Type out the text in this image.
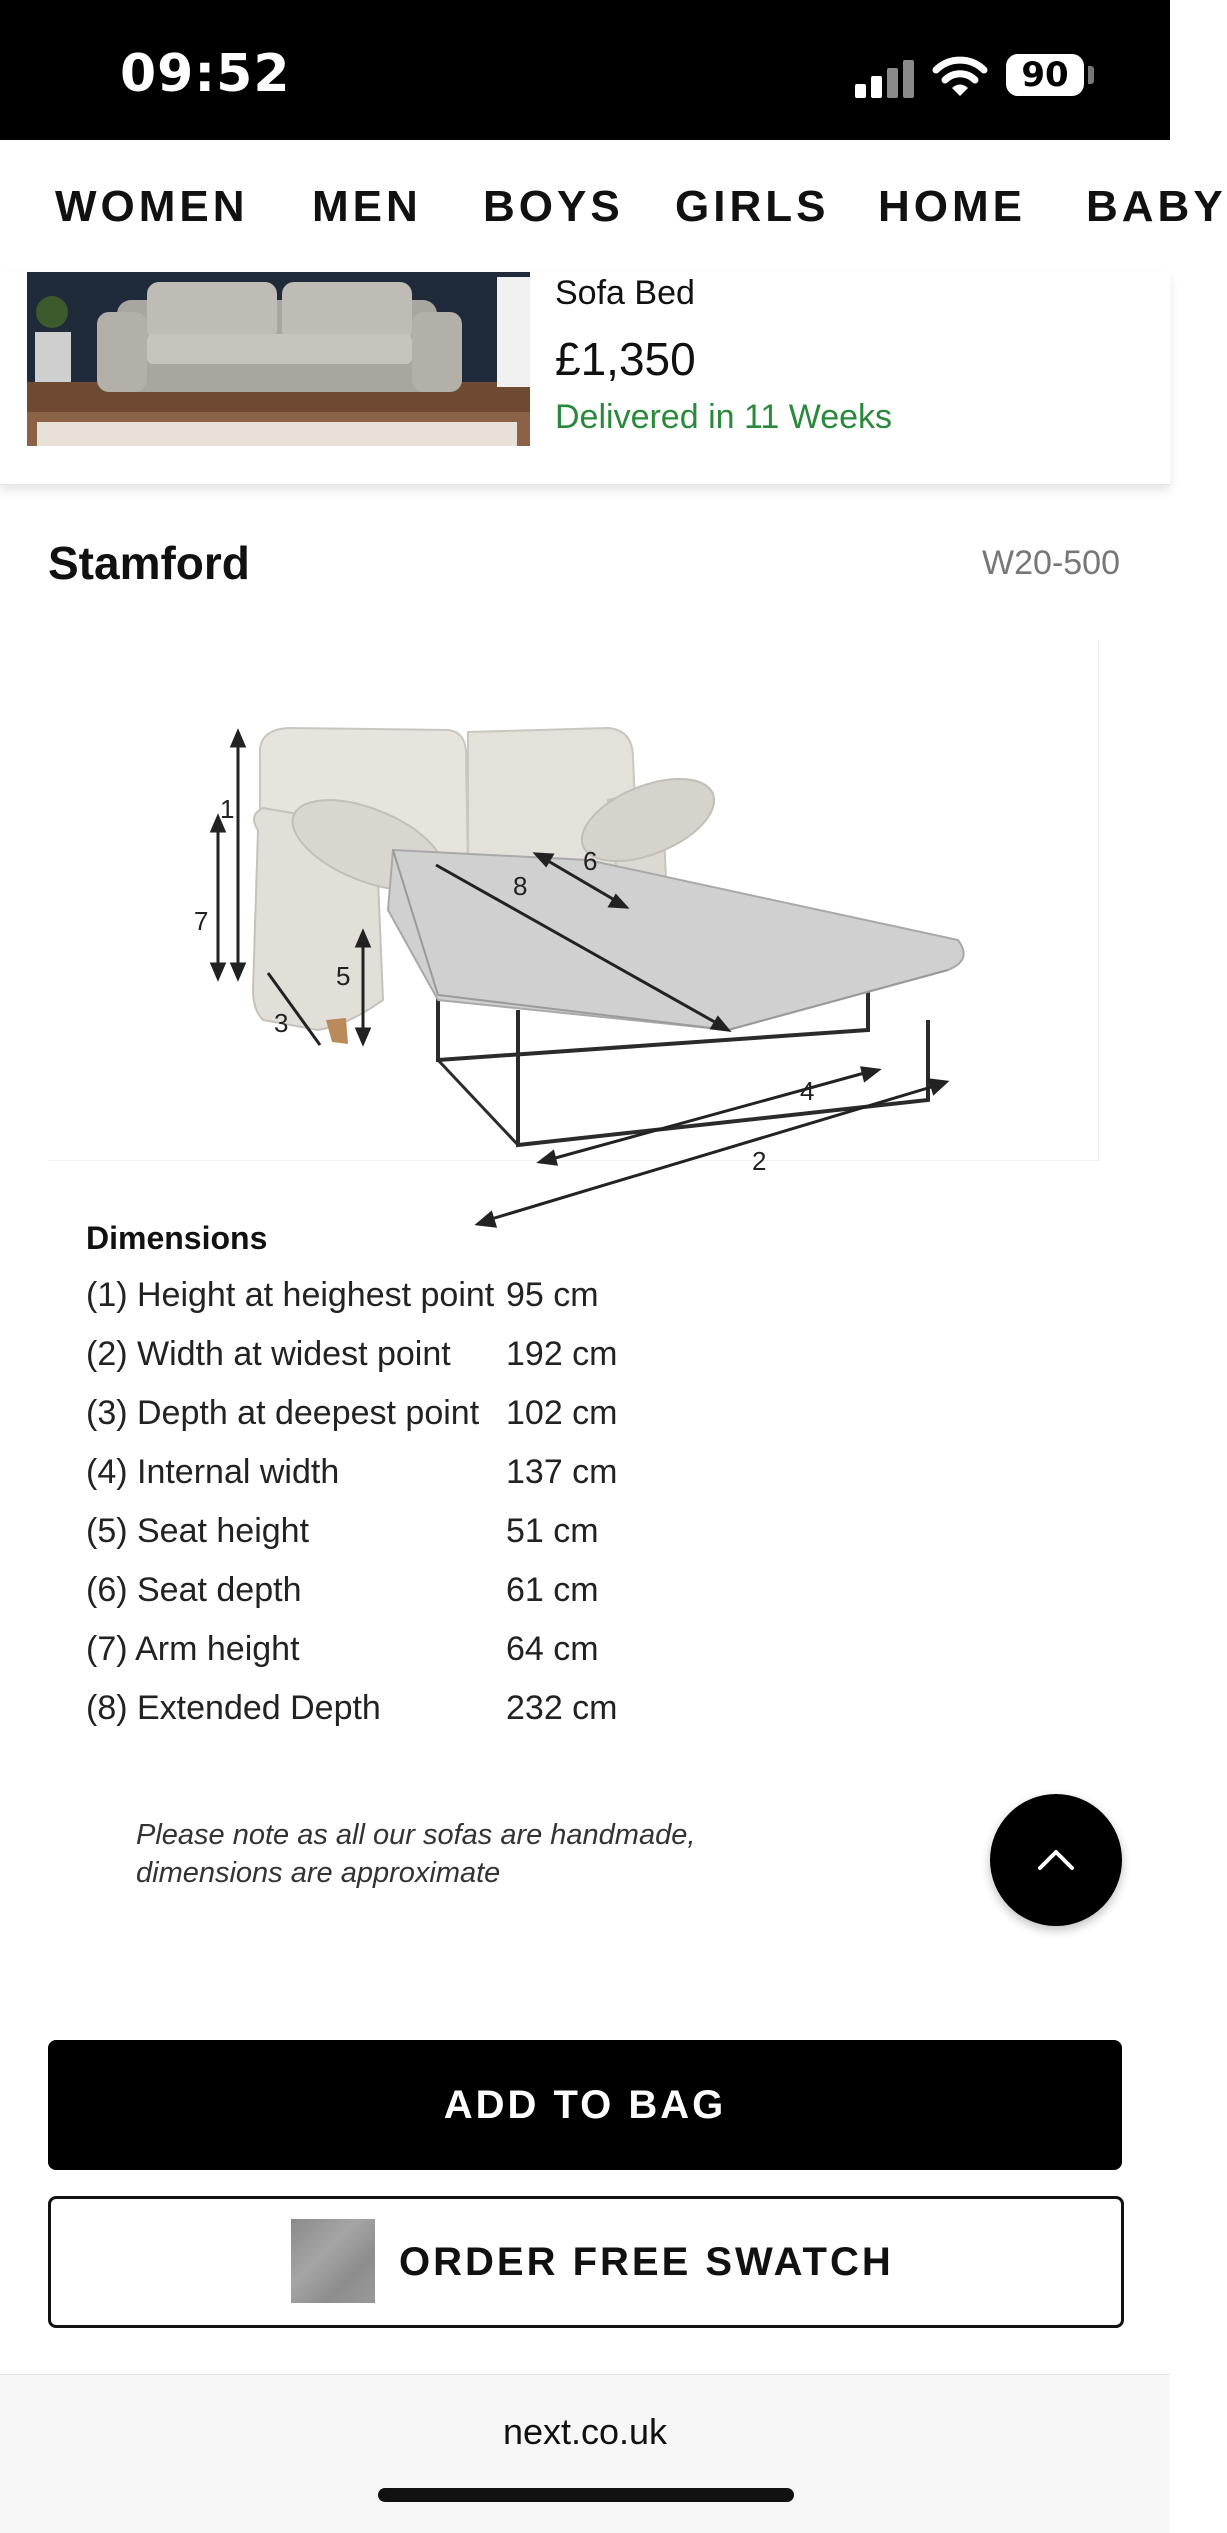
09:52	90
WOMEN MEN BOYS GIRLS HOME BABY
Sofa Bed
£1,350
Delivered in 11 Weeks
Stamford	W20-500
1
7
5
3
8
6
4
2
Dimensions
(1) Height at heighest point 95 cm
(2) Width at widest point 192 cm
(3) Depth at deepest point 102 cm
(4) Internal width	137 cm
(5) Seat height	51 cm
(6) Seat depth	61 cm
(7) Arm height	64 cm
(8) Extended Depth	232 cm
Please note as all our sofas are handmade,
dimensions are approximate
ADD TO BAG
ORDER FREE SWATCH
next.co.uk
